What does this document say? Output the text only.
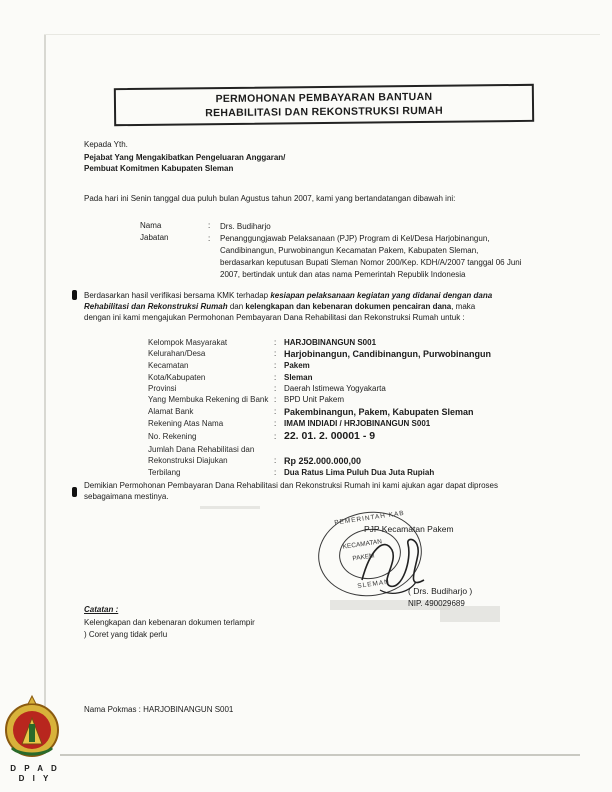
PERMOHONAN PEMBAYARAN BANTUAN
REHABILITASI DAN REKONSTRUKSI RUMAH
Kepada Yth.
Pejabat Yang Mengakibatkan Pengeluaran Anggaran/
Pembuat Komitmen Kabupaten Sleman
Pada hari ini Senin tanggal dua puluh bulan Agustus tahun 2007, kami yang bertandatangan dibawah ini:
Nama	: Drs. Budiharjo
Jabatan	: Penanggungjawab Pelaksanaan (PJP) Program di Kel/Desa Harjobinangun,
Candibinangun, Purwobinangun Kecamatan Pakem, Kabupaten Sleman,
berdasarkan keputusan Bupati Sleman Nomor 200/Kep. KDH/A/2007 tanggal 06 Juni
2007, bertindak untuk dan atas nama Pemerintah Republik Indonesia
Berdasarkan hasil verifikasi bersama KMK terhadap kesiapan pelaksanaan kegiatan yang didanai dengan dana
Rehabilitasi dan Rekonstruksi Rumah dan kelengkapan dan kebenaran dokumen pencairan dana, maka
dengan ini kami mengajukan Permohonan Pembayaran Dana Rehabilitasi dan Rekonstruksi Rumah untuk :
Kelompok Masyarakat	: HARJOBINANGUN S001
Kelurahan/Desa	: Harjobinangun, Candibinangun, Purwobinangun
Kecamatan	: Pakem
Kota/Kabupaten	: Sleman
Provinsi	: Daerah Istimewa Yogyakarta
Yang Membuka Rekening di Bank : BPD Unit Pakem
Alamat Bank	: Pakembinangun, Pakem, Kabupaten Sleman
Rekening Atas Nama	: IMAM INDIADI / HRJOBINANGUN S001
No. Rekening	: 22. 01. 2. 00001 - 9
Jumlah Dana Rehabilitasi dan
Rekonstruksi Diajukan	: Rp 252.000.000,00
Terbilang	: Dua Ratus Lima Puluh Dua Juta Rupiah
Demikian Permohonan Pembayaran Dana Rehabilitasi dan Rekonstruksi Rumah ini kami ajukan agar dapat diproses
sebagaimana mestinya.
PEMERINTAH KAB
KECAMATAN
PAKEM
SLEMAN
PJP Kecamatan Pakem
( Drs. Budiharjo )
NIP. 490029689
Catatan :
Kelengkapan dan kebenaran dokumen terlampir
) Coret yang tidak perlu
Nama Pokmas : HARJOBINANGUN S001
D P A D
D I Y
